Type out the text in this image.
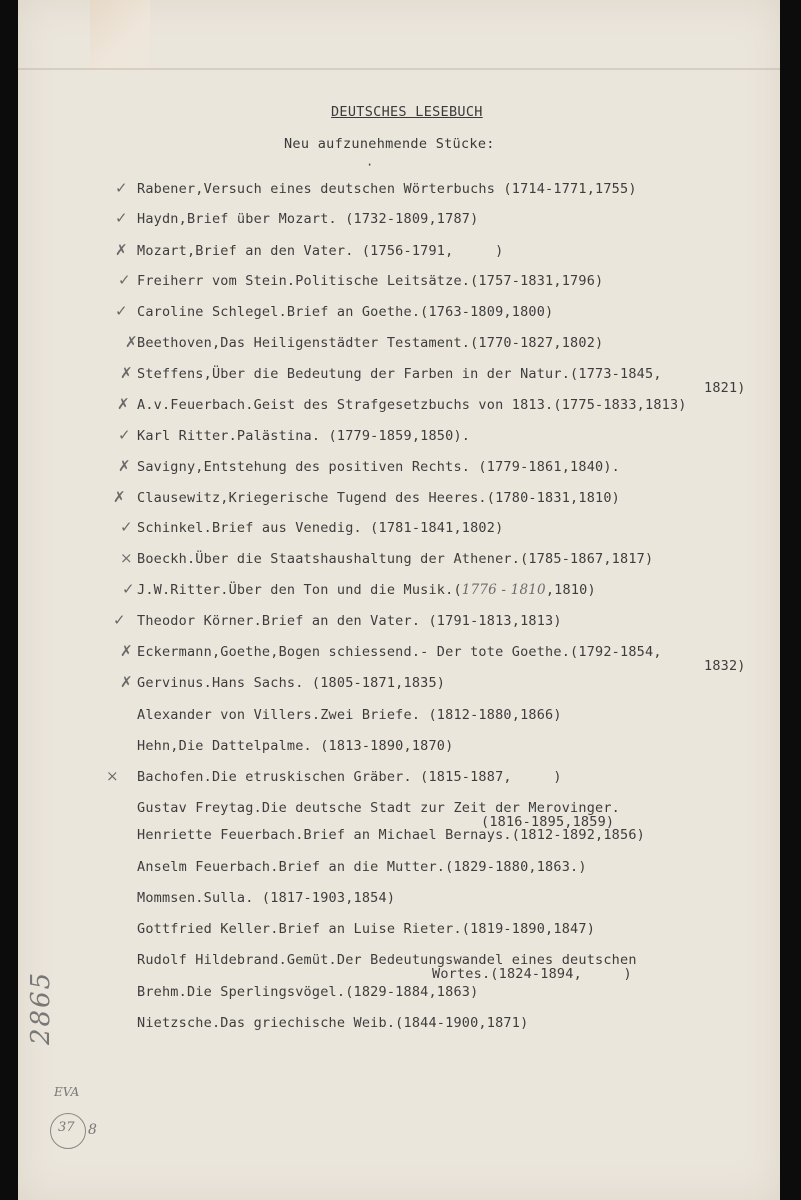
DEUTSCHES LESEBUCH
Neu aufzunehmende Stücke:
·
Rabener,Versuch eines deutschen Wörterbuchs (1714-1771,1755)
✓
Haydn,Brief über Mozart. (1732-1809,1787)
✓
Mozart,Brief an den Vater. (1756-1791,     )
✗
Freiherr vom Stein.Politische Leitsätze.(1757-1831,1796)
✓
Caroline Schlegel.Brief an Goethe.(1763-1809,1800)
✓
Beethoven,Das Heiligenstädter Testament.(1770-1827,1802)
✗
Steffens,Über die Bedeutung der Farben in der Natur.(1773-1845,
1821)
✗
A.v.Feuerbach.Geist des Strafgesetzbuchs von 1813.(1775-1833,1813)
✗
Karl Ritter.Palästina. (1779-1859,1850).
✓
Savigny,Entstehung des positiven Rechts. (1779-1861,1840).
✗
Clausewitz,Kriegerische Tugend des Heeres.(1780-1831,1810)
✗
Schinkel.Brief aus Venedig. (1781-1841,1802)
✓
Boeckh.Über die Staatshaushaltung der Athener.(1785-1867,1817)
×
J.W.Ritter.Über den Ton und die Musik.(1776 - 1810,1810)
✓
Theodor Körner.Brief an den Vater. (1791-1813,1813)
✓
Eckermann,Goethe,Bogen schiessend.- Der tote Goethe.(1792-1854,
1832)
✗
Gervinus.Hans Sachs. (1805-1871,1835)
✗
Alexander von Villers.Zwei Briefe. (1812-1880,1866)
Hehn,Die Dattelpalme. (1813-1890,1870)
Bachofen.Die etruskischen Gräber. (1815-1887,     )
×
Gustav Freytag.Die deutsche Stadt zur Zeit der Merovinger.
(1816-1895,1859)
Henriette Feuerbach.Brief an Michael Bernays.(1812-1892,1856)
Anselm Feuerbach.Brief an die Mutter.(1829-1880,1863.)
Mommsen.Sulla. (1817-1903,1854)
Gottfried Keller.Brief an Luise Rieter.(1819-1890,1847)
Rudolf Hildebrand.Gemüt.Der Bedeutungswandel eines deutschen
Wortes.(1824-1894,     )
Brehm.Die Sperlingsvögel.(1829-1884,1863)
Nietzsche.Das griechische Weib.(1844-1900,1871)
2865
EVA
37 8
